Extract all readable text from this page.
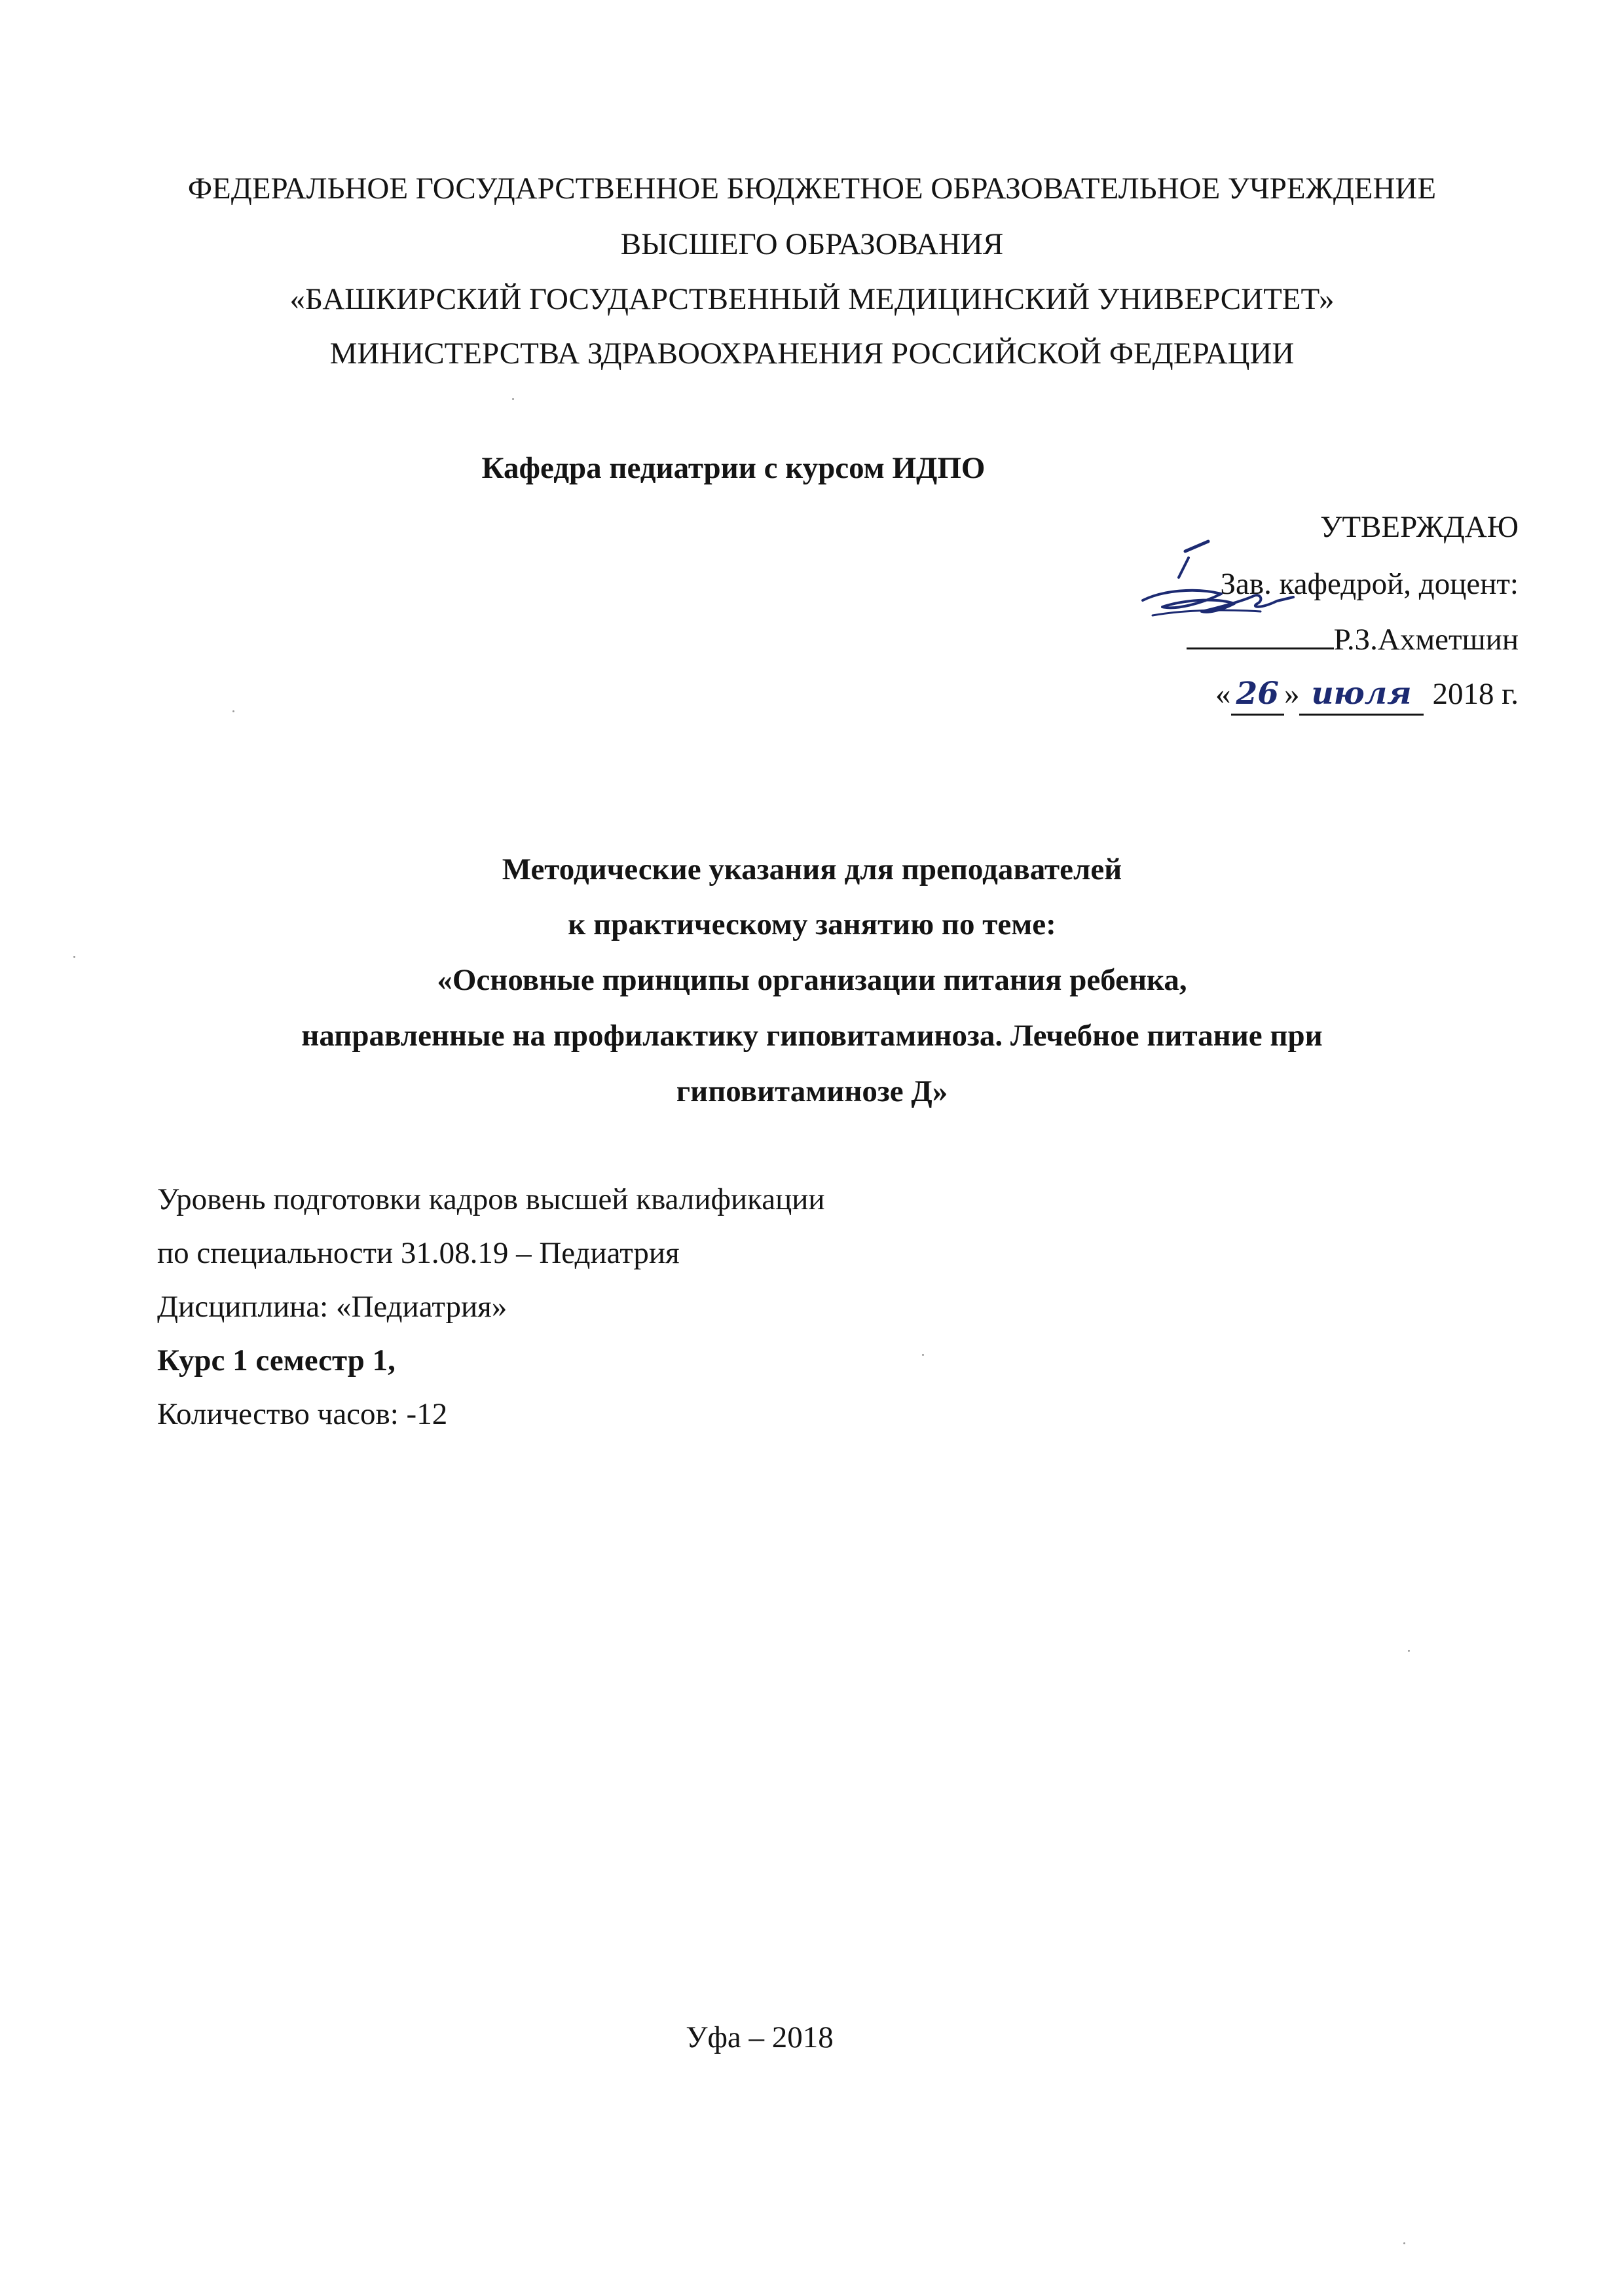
ФЕДЕРАЛЬНОЕ ГОСУДАРСТВЕННОЕ БЮДЖЕТНОЕ ОБРАЗОВАТЕЛЬНОЕ УЧРЕЖДЕНИЕ
ВЫСШЕГО ОБРАЗОВАНИЯ
«БАШКИРСКИЙ ГОСУДАРСТВЕННЫЙ МЕДИЦИНСКИЙ УНИВЕРСИТЕТ»
МИНИСТЕРСТВА ЗДРАВООХРАНЕНИЯ РОССИЙСКОЙ ФЕДЕРАЦИИ
Кафедра педиатрии с курсом ИДПО
УТВЕРЖДАЮ
Зав. кафедрой, доцент:
Р.З.Ахметшин
« 26 » июля 2018 г.
Методические указания для преподавателей
к практическому занятию по теме:
«Основные принципы организации питания ребенка,
направленные на профилактику гиповитаминоза. Лечебное питание при
гиповитаминозе Д»
Уровень подготовки кадров высшей квалификации
по специальности 31.08.19 – Педиатрия
Дисциплина: «Педиатрия»
Курс 1 семестр 1,
Количество часов: -12
Уфа – 2018
